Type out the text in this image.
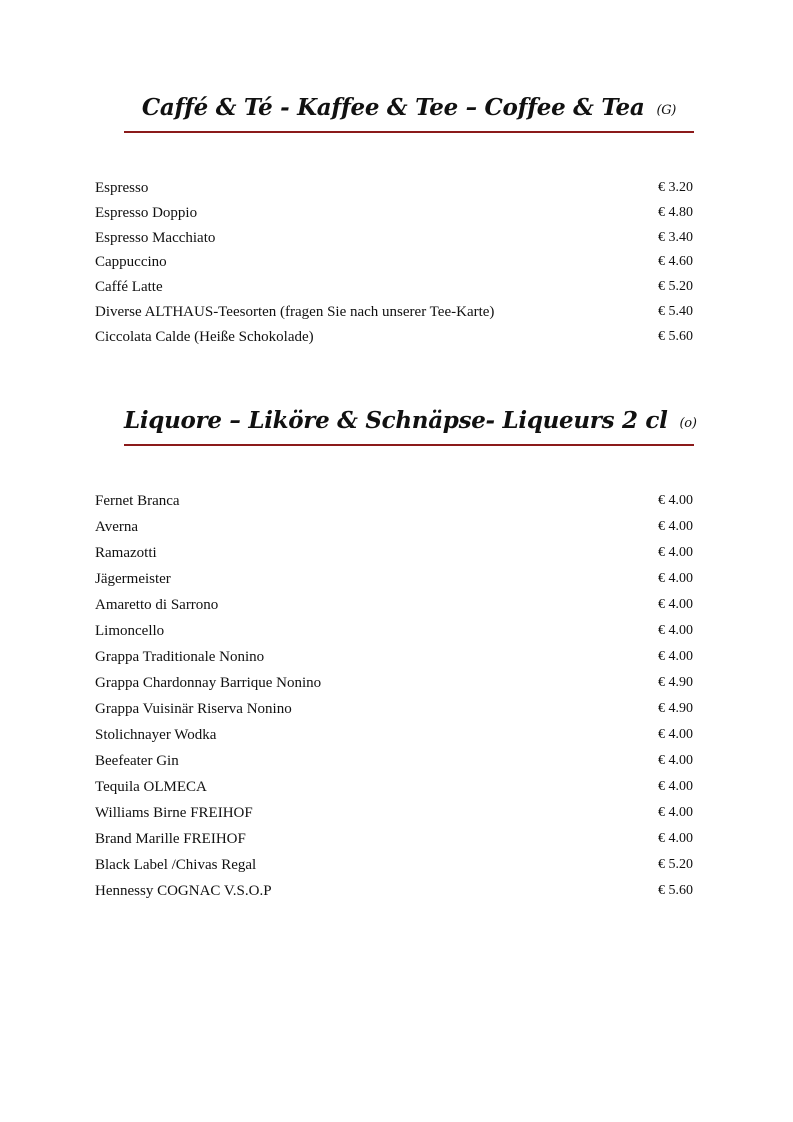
Caffé & Té - Kaffee & Tee – Coffee & Tea (G)
Espresso	€ 3.20
Espresso Doppio	€ 4.80
Espresso Macchiato	€ 3.40
Cappuccino	€ 4.60
Caffé Latte	€ 5.20
Diverse ALTHAUS-Teesorten (fragen Sie nach unserer Tee-Karte)	€ 5.40
Ciccolata Calde (Heiße Schokolade)	€ 5.60
Liquore – Liköre & Schnäpse- Liqueurs 2 cl (o)
Fernet Branca	€ 4.00
Averna	€ 4.00
Ramazotti	€ 4.00
Jägermeister	€ 4.00
Amaretto di Sarrono	€ 4.00
Limoncello	€ 4.00
Grappa Traditionale Nonino	€ 4.00
Grappa Chardonnay Barrique Nonino	€ 4.90
Grappa Vuisinär Riserva Nonino	€ 4.90
Stolichnayer Wodka	€ 4.00
Beefeater Gin	€ 4.00
Tequila OLMECA	€ 4.00
Williams Birne FREIHOF	€ 4.00
Brand Marille FREIHOF	€ 4.00
Black Label /Chivas Regal	€ 5.20
Hennessy COGNAC V.S.O.P	€ 5.60
